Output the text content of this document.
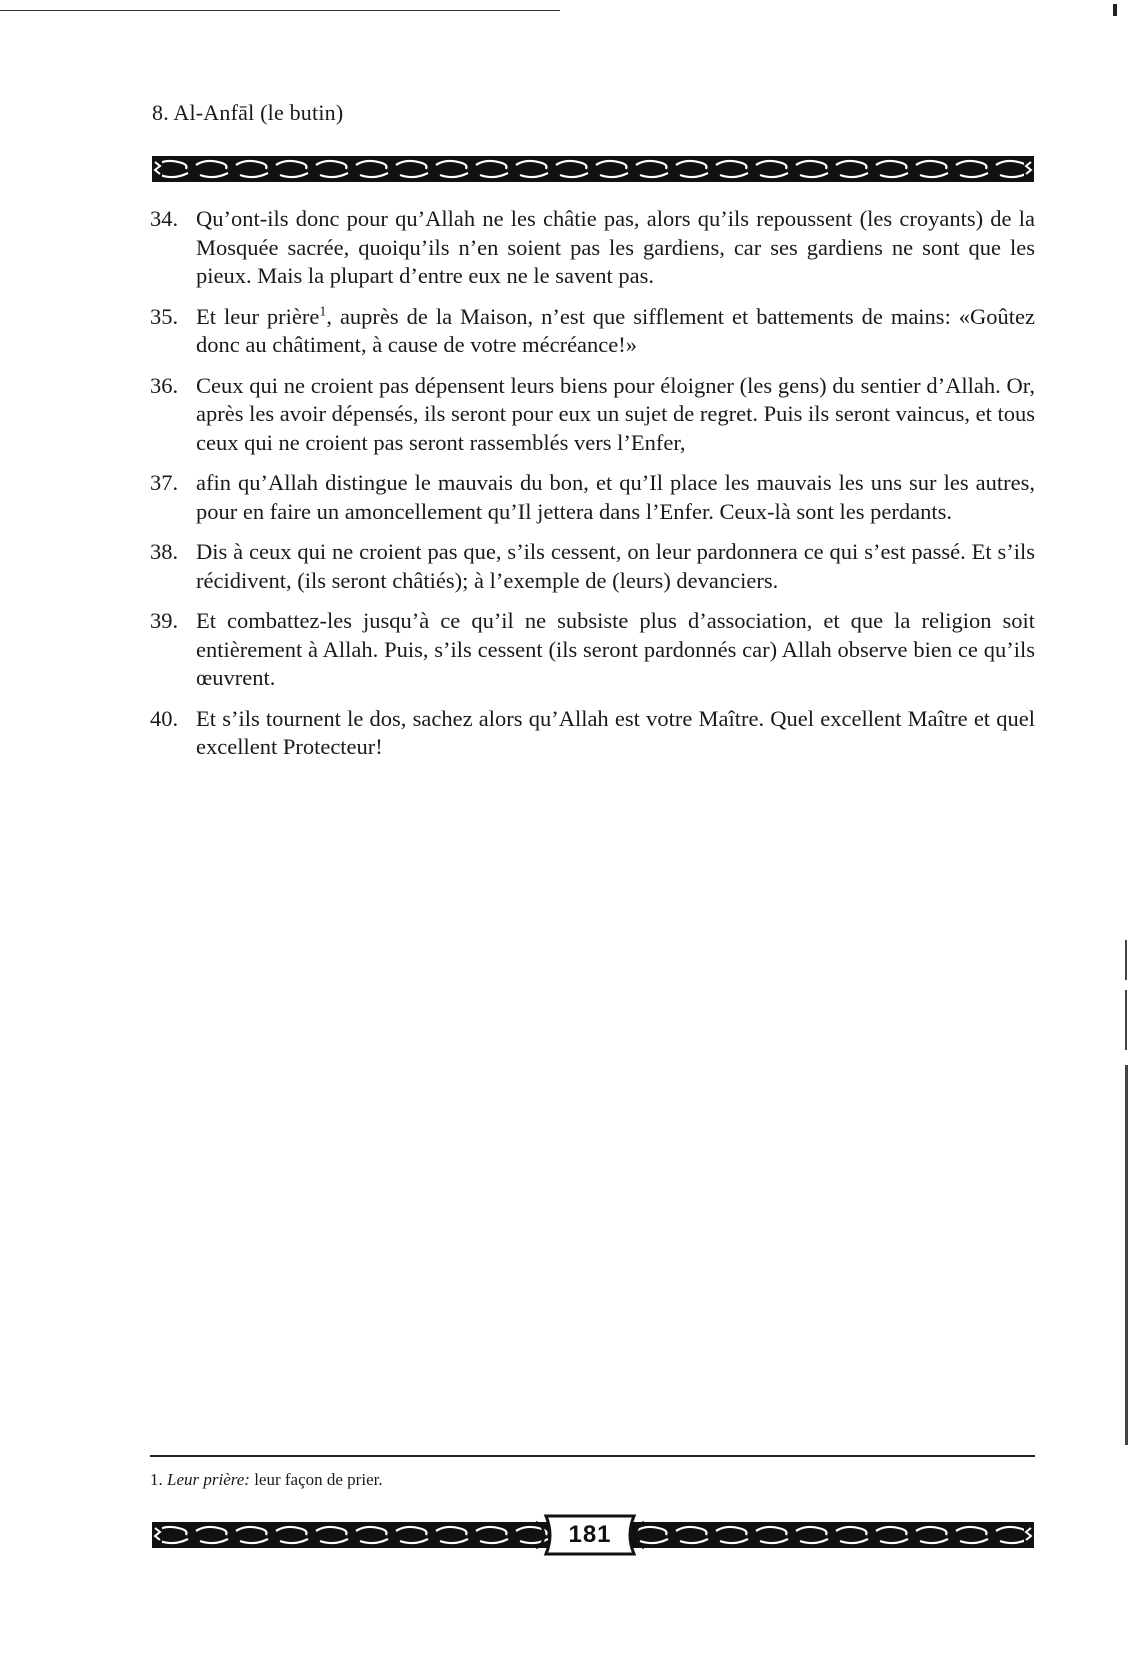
8. Al-Anfāl (le butin)
34. Qu’ont-ils donc pour qu’Allah ne les châtie pas, alors qu’ils repoussent (les croyants) de la Mosquée sacrée, quoiqu’ils n’en soient pas les gardiens, car ses gardiens ne sont que les pieux. Mais la plupart d’entre eux ne le savent pas.
35. Et leur prière$^1$, auprès de la Maison, n’est que sifflement et battements de mains: «Goûtez donc au châtiment, à cause de votre mécréance!»
36. Ceux qui ne croient pas dépensent leurs biens pour éloigner (les gens) du sentier d’Allah. Or, après les avoir dépensés, ils seront pour eux un sujet de regret. Puis ils seront vaincus, et tous ceux qui ne croient pas seront rassemblés vers l’Enfer,
37. afin qu’Allah distingue le mauvais du bon, et qu’Il place les mauvais les uns sur les autres, pour en faire un amoncellement qu’Il jettera dans l’Enfer. Ceux-là sont les perdants.
38. Dis à ceux qui ne croient pas que, s’ils cessent, on leur pardonnera ce qui s’est passé. Et s’ils récidivent, (ils seront châtiés); à l’exemple de (leurs) devanciers.
39. Et combattez-les jusqu’à ce qu’il ne subsiste plus d’association, et que la religion soit entièrement à Allah. Puis, s’ils cessent (ils seront pardonnés car) Allah observe bien ce qu’ils œuvrent.
40. Et s’ils tournent le dos, sachez alors qu’Allah est votre Maître. Quel excellent Maître et quel excellent Protecteur!
1. Leur prière: leur façon de prier.
181
